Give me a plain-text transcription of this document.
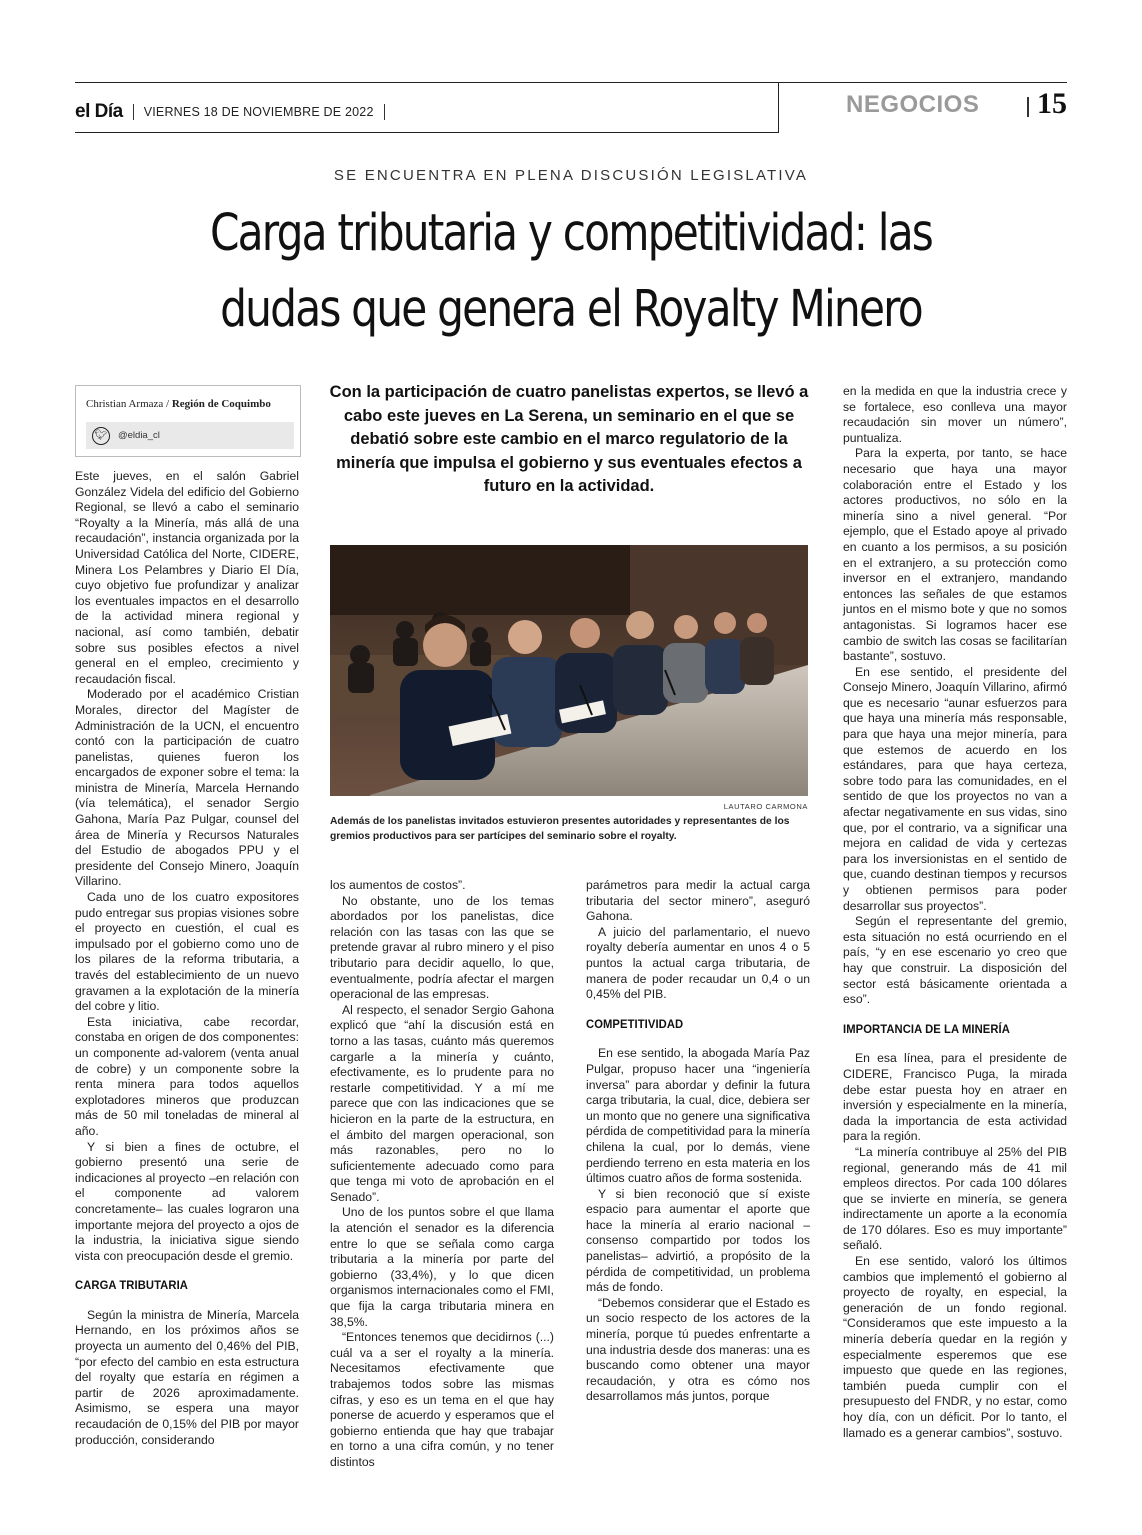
el Día VIERNES 18 DE NOVIEMBRE DE 2022	NEGOCIOS 15
SE ENCUENTRA EN PLENA DISCUSIÓN LEGISLATIVA
Carga tributaria y competitividad: las dudas que genera el Royalty Minero
Christian Armaza / Región de Coquimbo
🐦︎ @eldia_cl
Con la participación de cuatro panelistas expertos, se llevó a cabo este jueves en La Serena, un seminario en el que se debatió sobre este cambio en el marco regulatorio de la minería que impulsa el gobierno y sus eventuales efectos a futuro en la actividad.
LAUTARO CARMONA
Además de los panelistas invitados estuvieron presentes autoridades y representantes de los gremios productivos para ser partícipes del seminario sobre el royalty.

Este jueves, en el salón Gabriel González Videla del edificio del Gobierno Regional, se llevó a cabo el seminario “Royalty a la Minería, más allá de una recaudación”, instancia organizada por la Universidad Católica del Norte, CIDERE, Minera Los Pelambres y Diario El Día, cuyo objetivo fue profundizar y analizar los eventuales impactos en el desarrollo de la actividad minera regional y nacional, así como también, debatir sobre sus posibles efectos a nivel general en el empleo, crecimiento y recaudación fiscal.

Moderado por el académico Cristian Morales, director del Magíster de Administración de la UCN, el encuentro contó con la participación de cuatro panelistas, quienes fueron los encargados de exponer sobre el tema: la ministra de Minería, Marcela Hernando (vía telemática), el senador Sergio Gahona, María Paz Pulgar, counsel del área de Minería y Recursos Naturales del Estudio de abogados PPU y el presidente del Consejo Minero, Joaquín Villarino.

Cada uno de los cuatro expositores pudo entregar sus propias visiones sobre el proyecto en cuestión, el cual es impulsado por el gobierno como uno de los pilares de la reforma tributaria, a través del establecimiento de un nuevo gravamen a la explotación de la minería del cobre y litio.

Esta iniciativa, cabe recordar, constaba en origen de dos componentes: un componente ad-valorem (venta anual de cobre) y un componente sobre la renta minera para todos aquellos explotadores mineros que produzcan más de 50 mil toneladas de mineral al año.

Y si bien a fines de octubre, el gobierno presentó una serie de indicaciones al proyecto –en relación con el componente ad valorem concretamente– las cuales lograron una importante mejora del proyecto a ojos de la industria, la iniciativa sigue siendo vista con preocupación desde el gremio.

CARGA TRIBUTARIA

Según la ministra de Minería, Marcela Hernando, en los próximos años se proyecta un aumento del 0,46% del PIB, “por efecto del cambio en esta estructura del royalty que estaría en régimen a partir de 2026 aproximadamente. Asimismo, se espera una mayor recaudación de 0,15% del PIB por mayor producción, considerando

los aumentos de costos”.

No obstante, uno de los temas abordados por los panelistas, dice relación con las tasas con las que se pretende gravar al rubro minero y el piso tributario para decidir aquello, lo que, eventualmente, podría afectar el margen operacional de las empresas.

Al respecto, el senador Sergio Gahona explicó que “ahí la discusión está en torno a las tasas, cuánto más queremos cargarle a la minería y cuánto, efectivamente, es lo prudente para no restarle competitividad. Y a mí me parece que con las indicaciones que se hicieron en la parte de la estructura, en el ámbito del margen operacional, son más razonables, pero no lo suficientemente adecuado como para que tenga mi voto de aprobación en el Senado”.

Uno de los puntos sobre el que llama la atención el senador es la diferencia entre lo que se señala como carga tributaria a la minería por parte del gobierno (33,4%), y lo que dicen organismos internacionales como el FMI, que fija la carga tributaria minera en 38,5%.

“Entonces tenemos que decidirnos (...) cuál va a ser el royalty a la minería. Necesitamos efectivamente que trabajemos todos sobre las mismas cifras, y eso es un tema en el que hay ponerse de acuerdo y esperamos que el gobierno entienda que hay que trabajar en torno a una cifra común, y no tener distintos

parámetros para medir la actual carga tributaria del sector minero”, aseguró Gahona.

A juicio del parlamentario, el nuevo royalty debería aumentar en unos 4 o 5 puntos la actual carga tributaria, de manera de poder recaudar un 0,4 o un 0,45% del PIB.

COMPETITIVIDAD

En ese sentido, la abogada María Paz Pulgar, propuso hacer una “ingeniería inversa” para abordar y definir la futura carga tributaria, la cual, dice, debiera ser un monto que no genere una significativa pérdida de competitividad para la minería chilena la cual, por lo demás, viene perdiendo terreno en esta materia en los últimos cuatro años de forma sostenida.

Y si bien reconoció que sí existe espacio para aumentar el aporte que hace la minería al erario nacional –consenso compartido por todos los panelistas– advirtió, a propósito de la pérdida de competitividad, un problema más de fondo.

“Debemos considerar que el Estado es un socio respecto de los actores de la minería, porque tú puedes enfrentarte a una industria desde dos maneras: una es buscando como obtener una mayor recaudación, y otra es cómo nos desarrollamos más juntos, porque

en la medida en que la industria crece y se fortalece, eso conlleva una mayor recaudación sin mover un número”, puntualiza.

Para la experta, por tanto, se hace necesario que haya una mayor colaboración entre el Estado y los actores productivos, no sólo en la minería sino a nivel general. “Por ejemplo, que el Estado apoye al privado en cuanto a los permisos, a su posición en el extranjero, a su protección como inversor en el extranjero, mandando entonces las señales de que estamos juntos en el mismo bote y que no somos antagonistas. Si logramos hacer ese cambio de switch las cosas se facilitarían bastante”, sostuvo.

En ese sentido, el presidente del Consejo Minero, Joaquín Villarino, afirmó que es necesario “aunar esfuerzos para que haya una minería más responsable, para que haya una mejor minería, para que estemos de acuerdo en los estándares, para que haya certeza, sobre todo para las comunidades, en el sentido de que los proyectos no van a afectar negativamente en sus vidas, sino que, por el contrario, va a significar una mejora en calidad de vida y certezas para los inversionistas en el sentido de que, cuando destinan tiempos y recursos y obtienen permisos para poder desarrollar sus proyectos”.

Según el representante del gremio, esta situación no está ocurriendo en el país, “y en ese escenario yo creo que hay que construir. La disposición del sector está básicamente orientada a eso”.

IMPORTANCIA DE LA MINERÍA

En esa línea, para el presidente de CIDERE, Francisco Puga, la mirada debe estar puesta hoy en atraer en inversión y especialmente en la minería, dada la importancia de esta actividad para la región.

“La minería contribuye al 25% del PIB regional, generando más de 41 mil empleos directos. Por cada 100 dólares que se invierte en minería, se genera indirectamente un aporte a la economía de 170 dólares. Eso es muy importante” señaló.

En ese sentido, valoró los últimos cambios que implementó el gobierno al proyecto de royalty, en especial, la generación de un fondo regional. “Consideramos que este impuesto a la minería debería quedar en la región y especialmente esperemos que ese impuesto que quede en las regiones, también pueda cumplir con el presupuesto del FNDR, y no estar, como hoy día, con un déficit. Por lo tanto, el llamado es a generar cambios”, sostuvo.
